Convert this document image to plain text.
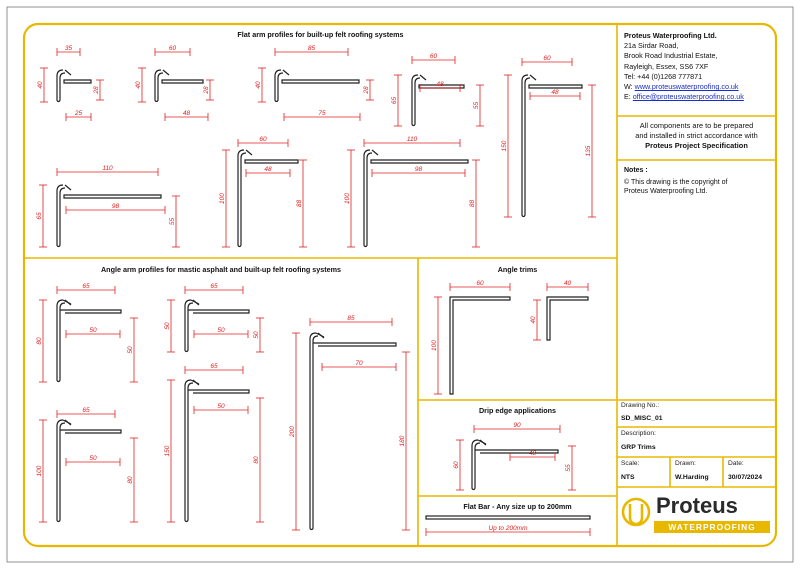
35
40
28
25
60
40
28
48
85
40
28
75
60
48
65
55
60
48
150	135
110
98
65
55
60
48
100	88
110
98
100	88
65
50
80
50
65
50
50
50
65
50
100
80
65
50
150
80
85
70
200
180
60
100
40
40
90
48
60	55
Up to 200mm
Flat arm profiles for built-up felt roofing systems
Angle arm profiles for mastic asphalt and built-up felt roofing systems	Angle trims
Drip edge applications
Flat Bar - Any size up to 200mm
Proteus Waterproofing Ltd.
21a Sirdar Road,
Brook Road Industrial Estate,
Rayleigh, Essex, SS6 7XF
Tel: +44 (0)1268 777871
W: www.proteuswaterproofing.co.uk
E: office@proteuswaterproofing.co.uk
All components are to be prepared
and installed in strict accordance with
Proteus Project Specification
Notes :
© This drawing is the copyright of
Proteus Waterproofing Ltd.
Drawing No.:
SD_MISC_01
Description:
GRP Trims
Scale:
NTS
Drawn:
W.Harding
Date:
30/07/2024
Proteus
WATERPROOFING
